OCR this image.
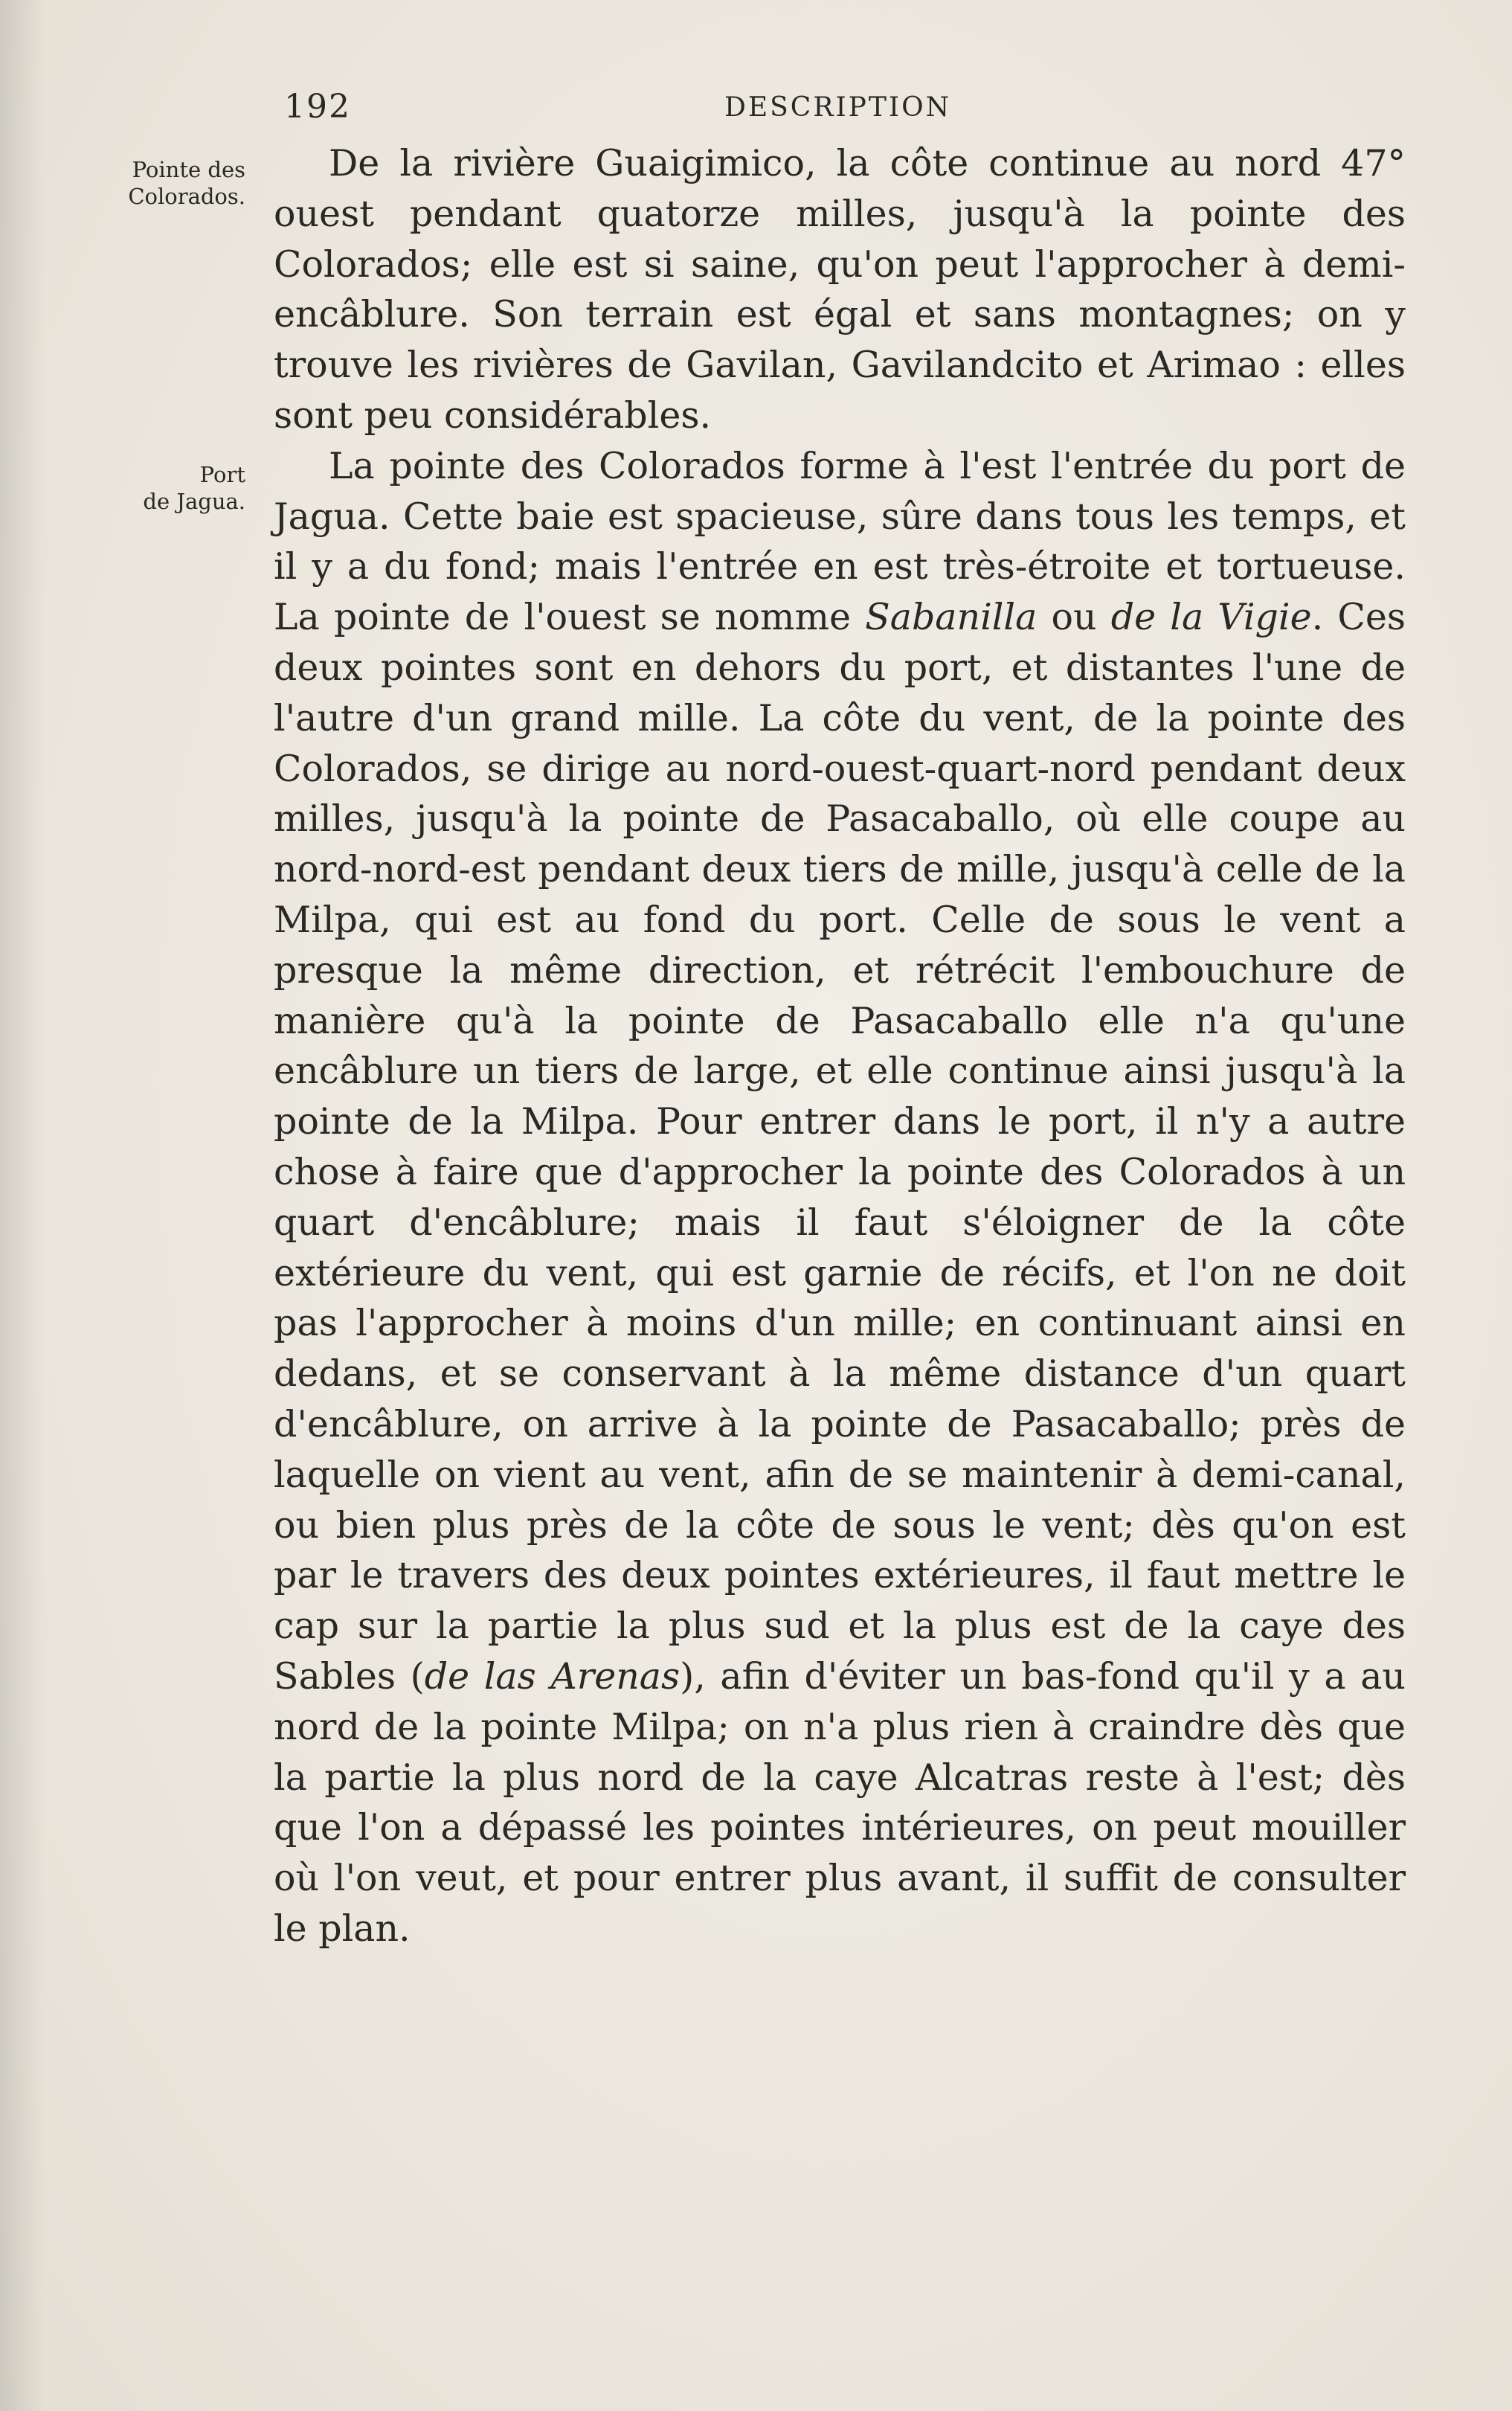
192	DESCRIPTION
Pointe des
Colorados.
Port
de Jagua.

De la rivière Guaigimico, la côte continue au nord 47° ouest pendant quatorze milles, jusqu'à la pointe des Colorados; elle est si saine, qu'on peut l'approcher à demi-encâblure. Son terrain est égal et sans montagnes; on y trouve les rivières de Gavilan, Gavilandcito et Arimao : elles sont peu considérables.

La pointe des Colorados forme à l'est l'entrée du port de Jagua. Cette baie est spacieuse, sûre dans tous les temps, et il y a du fond; mais l'entrée en est très-étroite et tortueuse. La pointe de l'ouest se nomme Sabanilla ou de la Vigie. Ces deux pointes sont en dehors du port, et distantes l'une de l'autre d'un grand mille. La côte du vent, de la pointe des Colorados, se dirige au nord-ouest-quart-nord pendant deux milles, jusqu'à la pointe de Pasacaballo, où elle coupe au nord-nord-est pendant deux tiers de mille, jusqu'à celle de la Milpa, qui est au fond du port. Celle de sous le vent a presque la même direction, et rétrécit l'embouchure de manière qu'à la pointe de Pasacaballo elle n'a qu'une encâblure un tiers de large, et elle continue ainsi jusqu'à la pointe de la Milpa. Pour entrer dans le port, il n'y a autre chose à faire que d'approcher la pointe des Colorados à un quart d'encâblure; mais il faut s'éloigner de la côte extérieure du vent, qui est garnie de récifs, et l'on ne doit pas l'approcher à moins d'un mille; en continuant ainsi en dedans, et se conservant à la même distance d'un quart d'encâblure, on arrive à la pointe de Pasacaballo; près de laquelle on vient au vent, afin de se maintenir à demi-canal, ou bien plus près de la côte de sous le vent; dès qu'on est par le travers des deux pointes extérieures, il faut mettre le cap sur la partie la plus sud et la plus est de la caye des Sables (de las Arenas), afin d'éviter un bas-fond qu'il y a au nord de la pointe Milpa; on n'a plus rien à craindre dès que la partie la plus nord de la caye Alcatras reste à l'est; dès que l'on a dépassé les pointes intérieures, on peut mouiller où l'on veut, et pour entrer plus avant, il suffit de consulter le plan.
